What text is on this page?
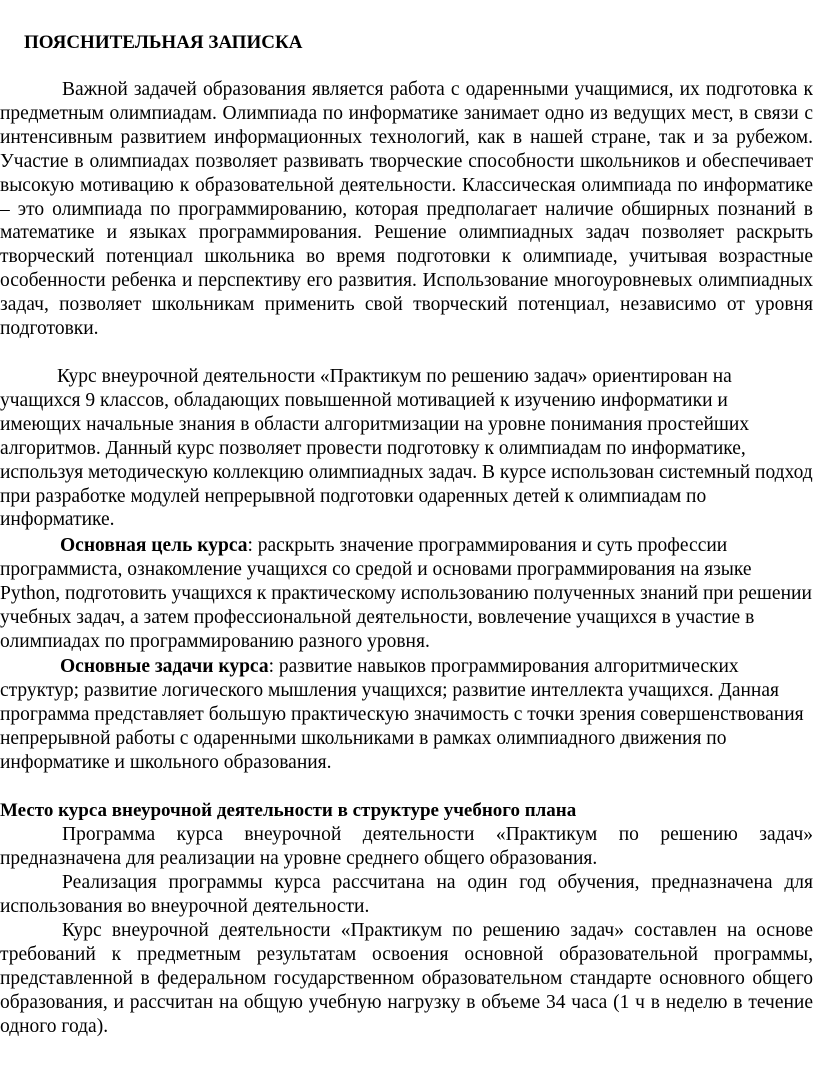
ПОЯСНИТЕЛЬНАЯ ЗАПИСКА

Важной задачей образования является работа с одаренными учащимися, их подготовка к предметным олимпиадам. Олимпиада по информатике занимает одно из ведущих мест, в связи с интенсивным развитием информационных технологий, как в нашей стране, так и за рубежом. Участие в олимпиадах позволяет развивать творческие способности школьников и обеспечивает высокую мотивацию к образовательной деятельности. Классическая олимпиада по информатике – это олимпиада по программированию, которая предполагает наличие обширных познаний в математике и языках программирования. Решение олимпиадных задач позволяет раскрыть творческий потенциал школьника во время подготовки к олимпиаде, учитывая возрастные особенности ребенка и перспективу его развития. Использование многоуровневых олимпиадных задач, позволяет школьникам применить свой творческий потенциал, независимо от уровня подготовки.

Курс внеурочной деятельности «Практикум по решению задач» ориентирован на учащихся 9 классов, обладающих повышенной мотивацией к изучению информатики и имеющих начальные знания в области алгоритмизации на уровне понимания простейших алгоритмов. Данный курс позволяет провести подготовку к олимпиадам по информатике, используя методическую коллекцию олимпиадных задач. В курсе использован системный подход при разработке модулей непрерывной подготовки одаренных детей к олимпиадам по информатике.

Основная цель курса: раскрыть значение программирования и суть профессии программиста, ознакомление учащихся со средой и основами программирования на языке Python, подготовить учащихся к практическому использованию полученных знаний при решении учебных задач, а затем профессиональной деятельности, вовлечение учащихся в участие в олимпиадах по программированию разного уровня.

Основные задачи курса: развитие навыков программирования алгоритмических структур; развитие логического мышления учащихся; развитие интеллекта учащихся. Данная программа представляет большую практическую значимость с точки зрения совершенствования непрерывной работы с одаренными школьниками в рамках олимпиадного движения по информатике и школьного образования.

Место курса внеурочной деятельности в структуре учебного плана

Программа курса внеурочной деятельности «Практикум по решению задач» предназначена для реализации на уровне среднего общего образования.

Реализация программы курса рассчитана на один год обучения, предназначена для использования во внеурочной деятельности.

Курс внеурочной деятельности «Практикум по решению задач» составлен на основе требований к предметным результатам освоения основной образовательной программы, представленной в федеральном государственном образовательном стандарте основного общего образования, и рассчитан на общую учебную нагрузку в объеме 34 часа (1 ч в неделю в течение одного года).
